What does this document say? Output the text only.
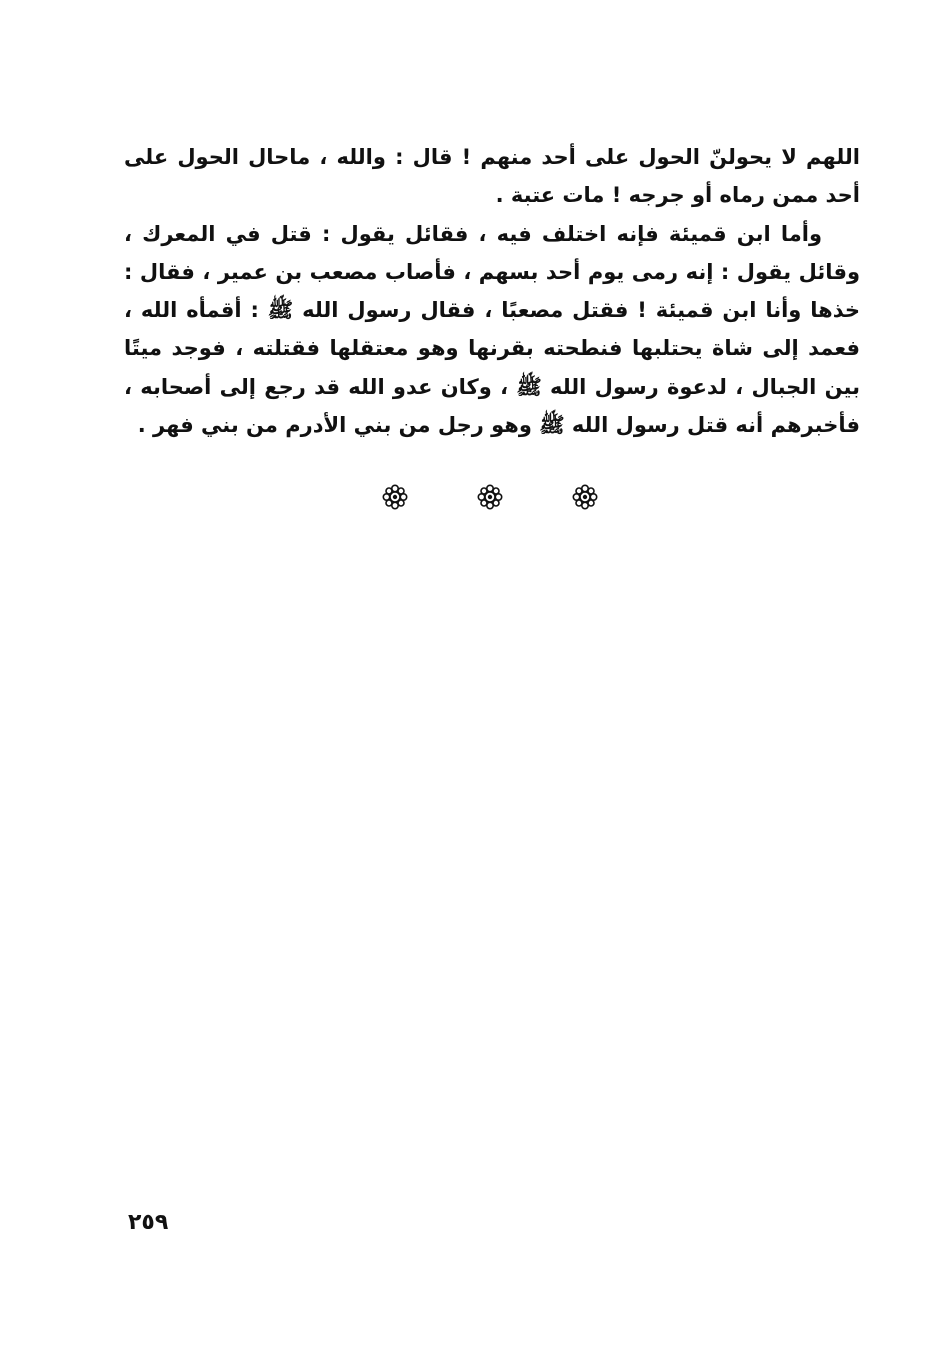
اللهم لا يحولنّ الحول على أحد منهم ! قال : والله ، ماحال الحول على أحد ممن رماه أو جرجه ! مات عتبة .

وأما ابن قميئة فإنه اختلف فيه ، فقائل يقول : قتل في المعرك ، وقائل يقول : إنه رمى يوم أحد بسهم ، فأصاب مصعب بن عمير ، فقال : خذها وأنا ابن قميئة ! فقتل مصعبًا ، فقال رسول الله ﷺ : أقمأه الله ، فعمد إلى شاة يحتلبها فنطحته بقرنها وهو معتقلها فقتلته ، فوجد ميتًا بين الجبال ، لدعوة رسول الله ﷺ ، وكان عدو الله قد رجع إلى أصحابه ، فأخبرهم أنه قتل رسول الله ﷺ وهو رجل من بني الأدرم من بني فهر .

٢٥٩
